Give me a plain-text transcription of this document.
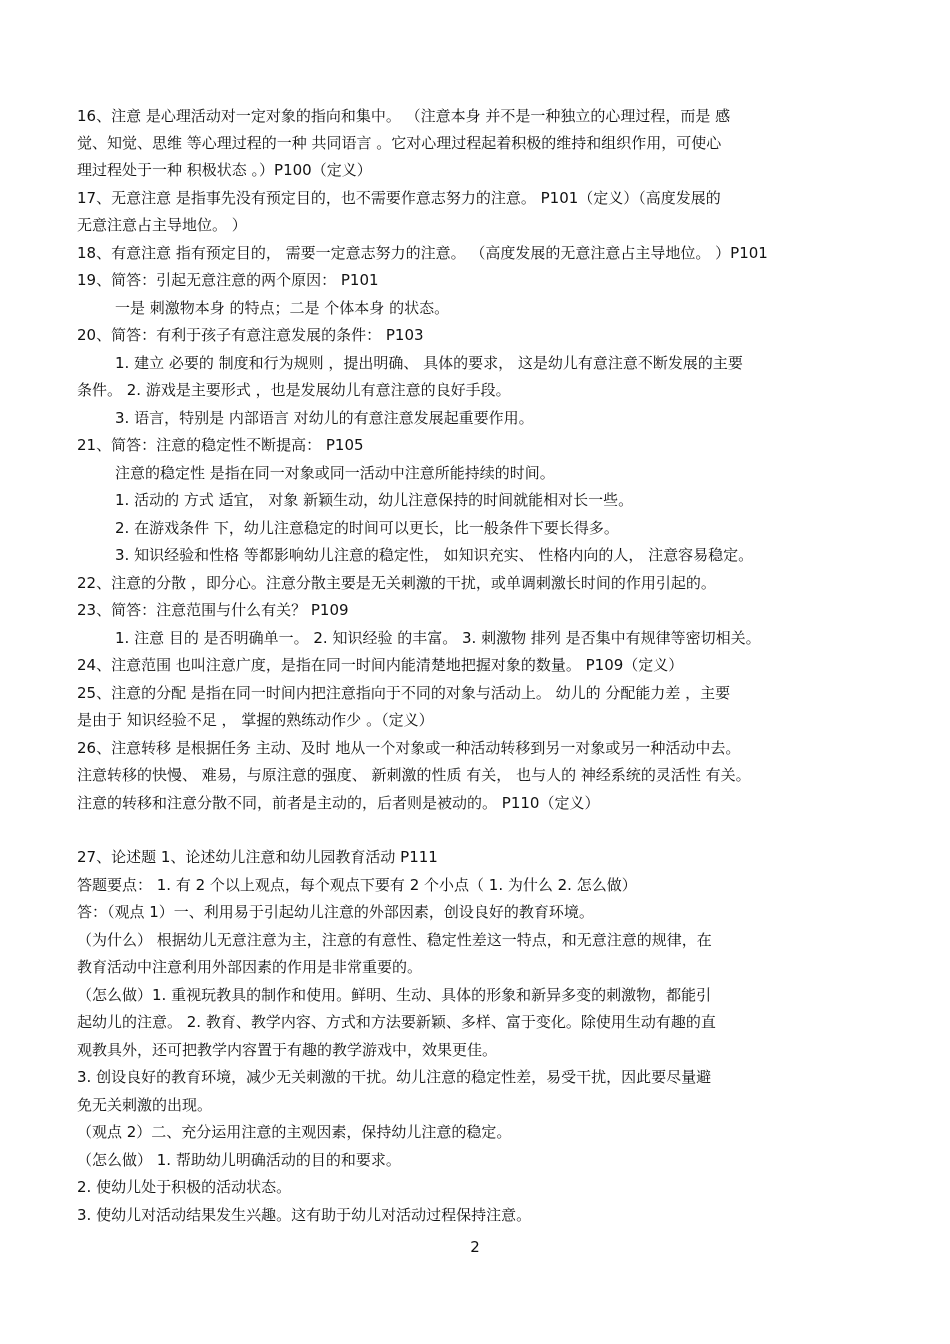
16、注意 是心理活动对一定对象的指向和集中。 （注意本身 并不是一种独立的心理过程，而是 感
觉、知觉、思维 等心理过程的一种 共同语言 。它对心理过程起着积极的维持和组织作用，可使心
理过程处于一种 积极状态 。）P100（定义）
17、无意注意 是指事先没有预定目的，也不需要作意志努力的注意。 P101（定义）（高度发展的
无意注意占主导地位。 ）
18、有意注意 指有预定目的， 需要一定意志努力的注意。 （高度发展的无意注意占主导地位。 ）P101
19、简答：引起无意注意的两个原因： P101
一是 刺激物本身 的特点；二是 个体本身 的状态。
20、简答：有利于孩子有意注意发展的条件： P103
1. 建立 必要的 制度和行为规则 ，提出明确、 具体的要求， 这是幼儿有意注意不断发展的主要
条件。 2. 游戏是主要形式 ，也是发展幼儿有意注意的良好手段。
3. 语言，特别是 内部语言 对幼儿的有意注意发展起重要作用。
21、简答：注意的稳定性不断提高： P105
注意的稳定性 是指在同一对象或同一活动中注意所能持续的时间。
1. 活动的 方式 适宜， 对象 新颖生动，幼儿注意保持的时间就能相对长一些。
2. 在游戏条件 下，幼儿注意稳定的时间可以更长，比一般条件下要长得多。
3. 知识经验和性格 等都影响幼儿注意的稳定性， 如知识充实、 性格内向的人， 注意容易稳定。
22、注意的分散 ，即分心。注意分散主要是无关刺激的干扰，或单调刺激长时间的作用引起的。
23、简答：注意范围与什么有关？ P109
1. 注意 目的 是否明确单一。 2. 知识经验 的丰富。 3. 刺激物 排列 是否集中有规律等密切相关。
24、注意范围 也叫注意广度，是指在同一时间内能清楚地把握对象的数量。 P109（定义）
25、注意的分配 是指在同一时间内把注意指向于不同的对象与活动上。 幼儿的 分配能力差 ，主要
是由于 知识经验不足 ， 掌握的熟练动作少 。（定义）
26、注意转移 是根据任务 主动、及时 地从一个对象或一种活动转移到另一对象或另一种活动中去。
注意转移的快慢、 难易，与原注意的强度、 新刺激的性质 有关， 也与人的 神经系统的灵活性 有关。
注意的转移和注意分散不同，前者是主动的，后者则是被动的。 P110（定义）
27、论述题 1、论述幼儿注意和幼儿园教育活动 P111
答题要点： 1. 有 2 个以上观点，每个观点下要有 2 个小点（ 1. 为什么 2. 怎么做）
答：（观点 1）一、利用易于引起幼儿注意的外部因素，创设良好的教育环境。
（为什么） 根据幼儿无意注意为主，注意的有意性、稳定性差这一特点，和无意注意的规律，在
教育活动中注意利用外部因素的作用是非常重要的。
（怎么做）1. 重视玩教具的制作和使用。鲜明、生动、具体的形象和新异多变的刺激物，都能引
起幼儿的注意。 2. 教育、教学内容、方式和方法要新颖、多样、富于变化。除使用生动有趣的直
观教具外，还可把教学内容置于有趣的教学游戏中，效果更佳。
3. 创设良好的教育环境，减少无关刺激的干扰。幼儿注意的稳定性差，易受干扰，因此要尽量避
免无关刺激的出现。
（观点 2）二、充分运用注意的主观因素，保持幼儿注意的稳定。
（怎么做） 1. 帮助幼儿明确活动的目的和要求。
2. 使幼儿处于积极的活动状态。
3. 使幼儿对活动结果发生兴趣。这有助于幼儿对活动过程保持注意。
2
